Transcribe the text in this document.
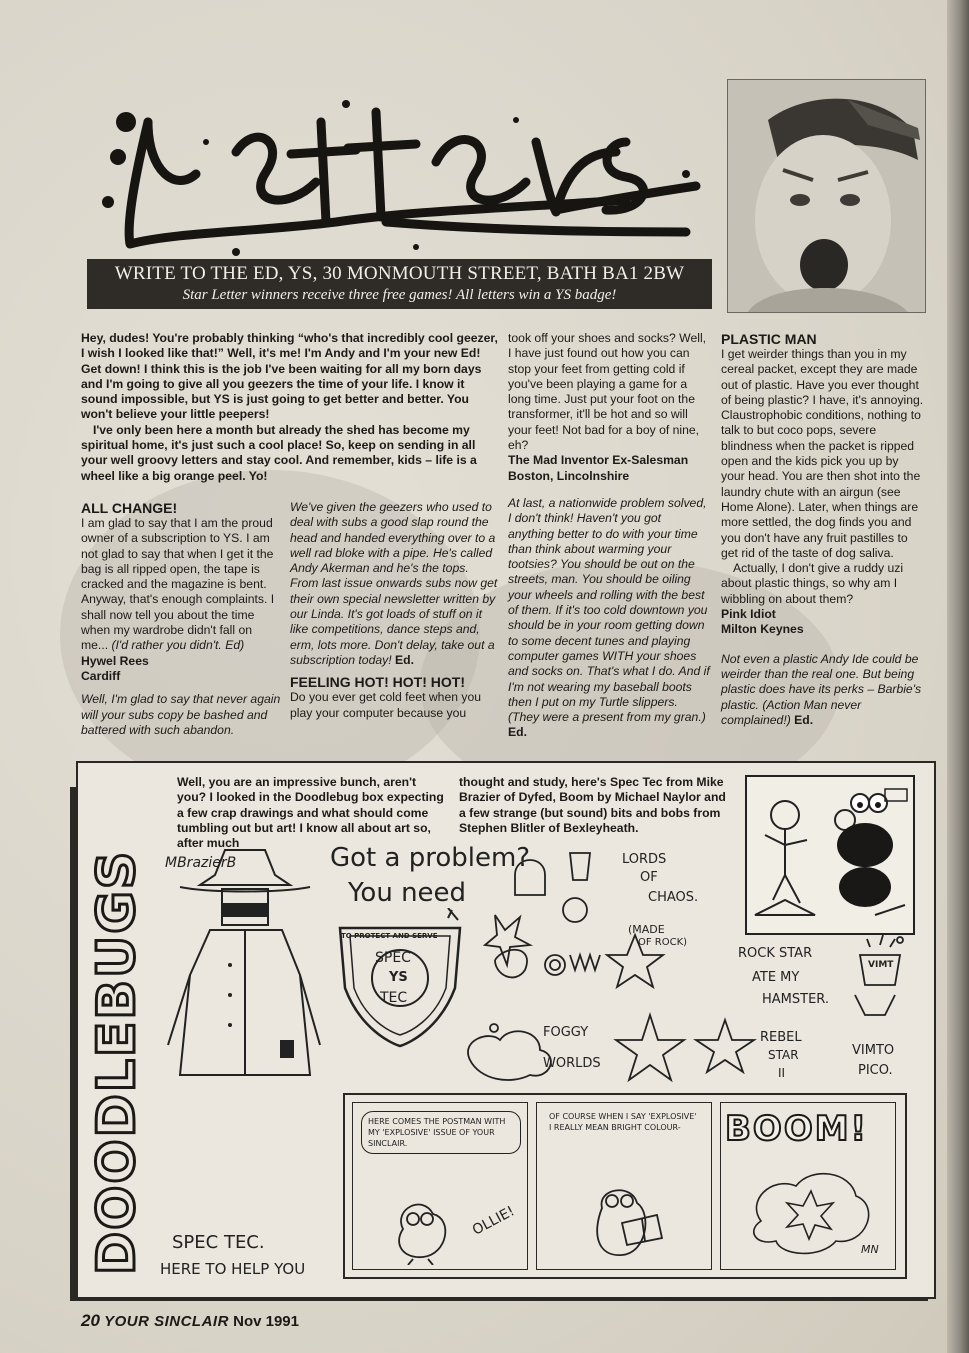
WRITE TO THE ED, YS, 30 MONMOUTH STREET, BATH BA1 2BW
Star Letter winners receive three free games! All letters win a YS badge!

Hey, dudes! You're probably thinking “who's that incredibly cool geezer, I wish I looked like that!” Well, it's me! I'm Andy and I'm your new Ed! Get down! I think this is the job I've been waiting for all my born days and I'm going to give all you geezers the time of your life. I know it sound impossible, but YS is just going to get better and better. You won't believe your little peepers!

I've only been here a month but already the shed has become my spiritual home, it's just such a cool place! So, keep on sending in all your well groovy letters and stay cool. And remember, kids – life is a wheel like a big orange peel. Yo!

ALL CHANGE!

I am glad to say that I am the proud owner of a subscription to YS. I am not glad to say that when I get it the bag is all ripped open, the tape is cracked and the magazine is bent. Anyway, that's enough complaints. I shall now tell you about the time when my wardrobe didn't fall on me... (I'd rather you didn't. Ed)

Hywel Rees

Cardiff

Well, I'm glad to say that never again will your subs copy be bashed and battered with such abandon.

We've given the geezers who used to deal with subs a good slap round the head and handed everything over to a well rad bloke with a pipe. He's called Andy Akerman and he's the tops. From last issue onwards subs now get their own special newsletter written by our Linda. It's got loads of stuff on it like competitions, dance steps and, erm, lots more. Don't delay, take out a subscription today! Ed.

FEELING HOT! HOT! HOT!

Do you ever get cold feet when you play your computer because you

took off your shoes and socks? Well, I have just found out how you can stop your feet from getting cold if you've been playing a game for a long time. Just put your foot on the transformer, it'll be hot and so will your feet! Not bad for a boy of nine, eh?

The Mad Inventor Ex-Salesman

Boston, Lincolnshire

At last, a nationwide problem solved, I don't think! Haven't you got anything better to do with your time than think about warming your tootsies? You should be out on the streets, man. You should be oiling your wheels and rolling with the best of them. If it's too cold downtown you should be in your room getting down to some decent tunes and playing computer games WITH your shoes and socks on. That's what I do. And if I'm not wearing my baseball boots then I put on my Turtle slippers. (They were a present from my gran.) Ed.

PLASTIC MAN

I get weirder things than you in my cereal packet, except they are made out of plastic. Have you ever thought of being plastic? I have, it's annoying. Claustrophobic conditions, nothing to talk to but coco pops, severe blindness when the packet is ripped open and the kids pick you up by your head. You are then shot into the laundry chute with an airgun (see Home Alone). Later, when things are more settled, the dog finds you and you don't have any fruit pastilles to get rid of the taste of dog saliva.

Actually, I don't give a ruddy uzi about plastic things, so why am I wibbling on about them?

Pink Idiot

Milton Keynes

Not even a plastic Andy Ide could be weirder than the real one. But being plastic does have its perks – Barbie's plastic. (Action Man never complained!) Ed.

DOODLEBUGS
Well, you are an impressive bunch, aren't you? I looked in the Doodlebug box expecting a few crap drawings and what should come tumbling out but art! I know all about art so, after much
thought and study, here's Spec Tec from Mike Brazier of Dyfed, Boom by Michael Naylor and a few strange (but sound) bits and bobs from Stephen Blitler of Bexleyheath.
MBrazierB	Got a problem?
You need
TO PROTECT AND SERVE
SPEC
YS
TEC
SPEC TEC.
HERE TO HELP YOU
LORDS
OF
CHAOS.
(MADE
OF ROCK)
FOGGY
WORLDS
ROCK STAR
ATE MY
HAMSTER.
REBEL
STAR
II
VIMTO
PICO.
VIMT
HERE COMES THE POSTMAN WITH MY 'EXPLOSIVE' ISSUE OF YOUR SINCLAIR.
OLLIE!
OF COURSE WHEN I SAY 'EXPLOSIVE' I REALLY MEAN BRIGHT COLOUR-	BOOM!
MN
20 YOUR SINCLAIR Nov 1991
